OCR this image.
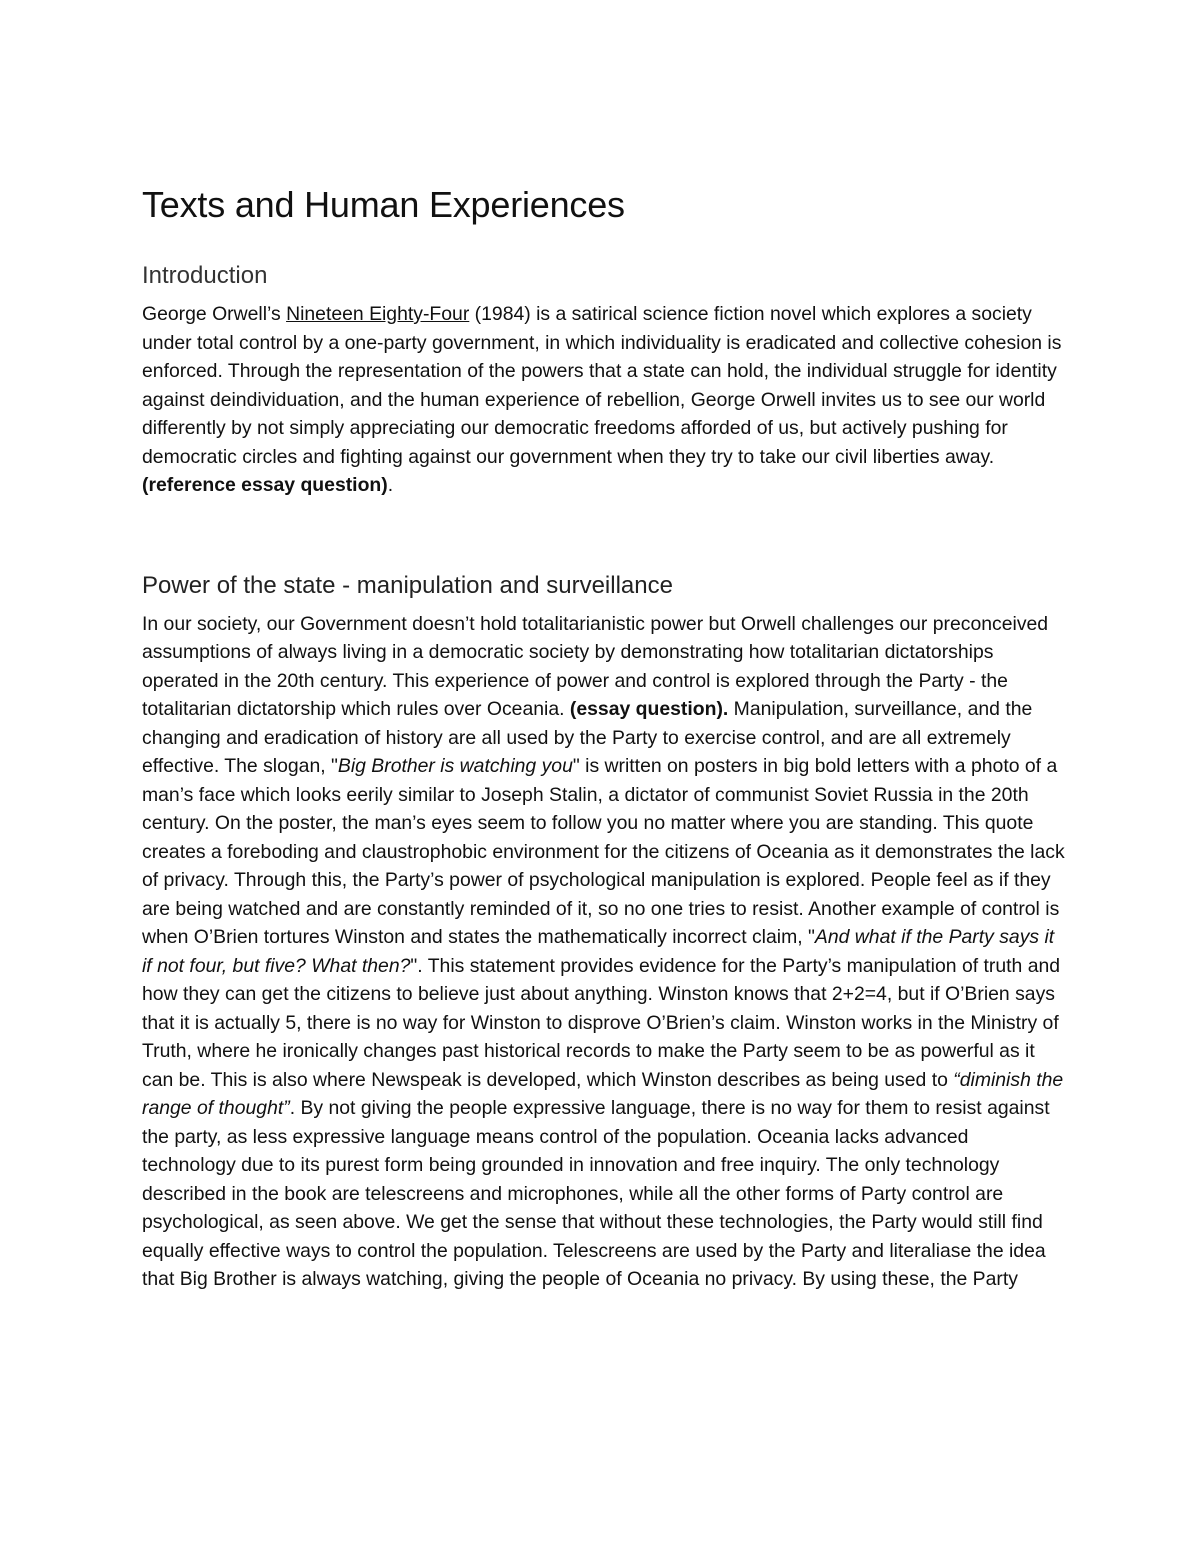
Texts and Human Experiences
Introduction

George Orwell’s Nineteen Eighty-Four (1984) is a satirical science fiction novel which explores a society under total control by a one-party government, in which individuality is eradicated and collective cohesion is enforced. Through the representation of the powers that a state can hold, the individual struggle for identity against deindividuation, and the human experience of rebellion, George Orwell invites us to see our world differently by not simply appreciating our democratic freedoms afforded of us, but actively pushing for democratic circles and fighting against our government when they try to take our civil liberties away. (reference essay question).

Power of the state - manipulation and surveillance

In our society, our Government doesn’t hold totalitarianistic power but Orwell challenges our preconceived assumptions of always living in a democratic society by demonstrating how totalitarian dictatorships operated in the 20th century. This experience of power and control is explored through the Party - the totalitarian dictatorship which rules over Oceania. (essay question). Manipulation, surveillance, and the changing and eradication of history are all used by the Party to exercise control, and are all extremely effective. The slogan, "Big Brother is watching you" is written on posters in big bold letters with a photo of a man’s face which looks eerily similar to Joseph Stalin, a dictator of communist Soviet Russia in the 20th century. On the poster, the man’s eyes seem to follow you no matter where you are standing. This quote creates a foreboding and claustrophobic environment for the citizens of Oceania as it demonstrates the lack of privacy. Through this, the Party’s power of psychological manipulation is explored. People feel as if they are being watched and are constantly reminded of it, so no one tries to resist. Another example of control is when O’Brien tortures Winston and states the mathematically incorrect claim, "And what if the Party says it if not four, but five? What then?". This statement provides evidence for the Party’s manipulation of truth and how they can get the citizens to believe just about anything. Winston knows that 2+2=4, but if O’Brien says that it is actually 5, there is no way for Winston to disprove O’Brien’s claim. Winston works in the Ministry of Truth, where he ironically changes past historical records to make the Party seem to be as powerful as it can be. This is also where Newspeak is developed, which Winston describes as being used to “diminish the range of thought”. By not giving the people expressive language, there is no way for them to resist against the party, as less expressive language means control of the population. Oceania lacks advanced technology due to its purest form being grounded in innovation and free inquiry. The only technology described in the book are telescreens and microphones, while all the other forms of Party control are psychological, as seen above. We get the sense that without these technologies, the Party would still find equally effective ways to control the population. Telescreens are used by the Party and literaliase the idea that Big Brother is always watching, giving the people of Oceania no privacy. By using these, the Party
